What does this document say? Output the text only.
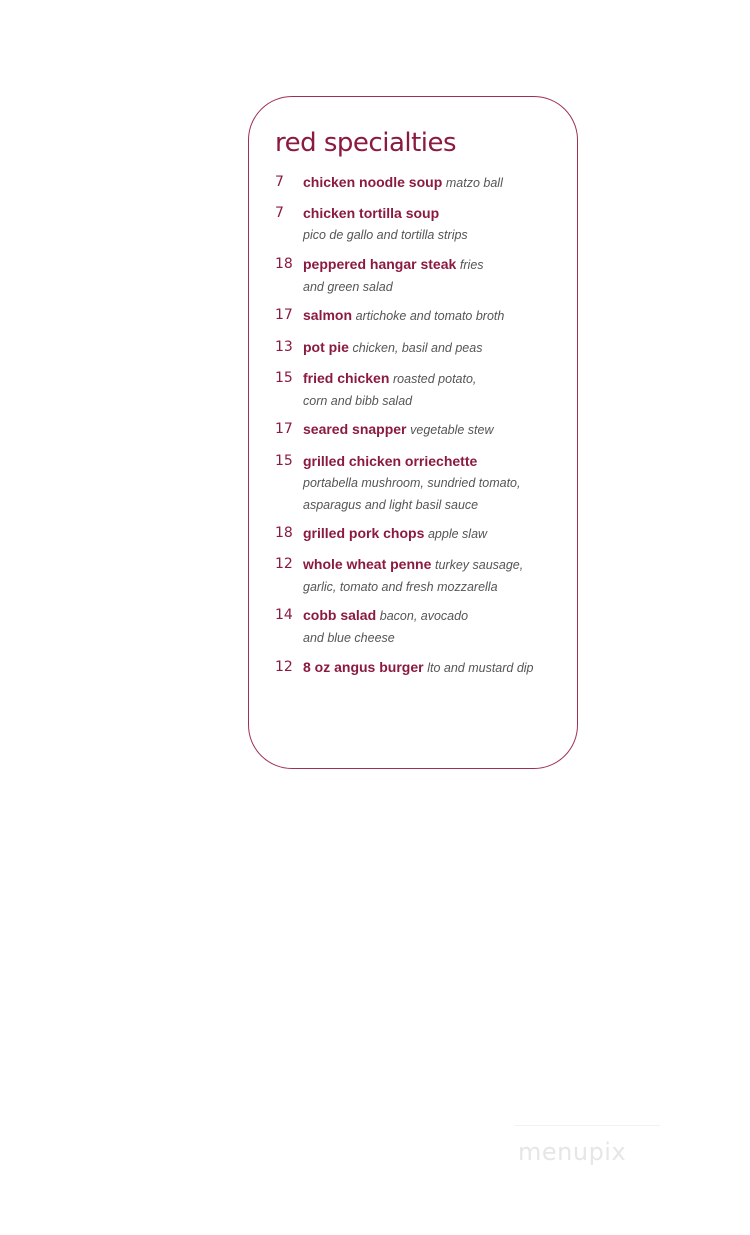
red specialties
7 chicken noodle soup matzo ball
7 chicken tortilla soup
pico de gallo and tortilla strips
18 peppered hangar steak fries
and green salad
17 salmon artichoke and tomato broth
13 pot pie chicken, basil and peas
15 fried chicken roasted potato,
corn and bibb salad
17 seared snapper vegetable stew
15 grilled chicken orriechette
portabella mushroom, sundried tomato,
asparagus and light basil sauce
18 grilled pork chops apple slaw
12 whole wheat penne turkey sausage,
garlic, tomato and fresh mozzarella
14 cobb salad bacon, avocado
and blue cheese
12 8 oz angus burger lto and mustard dip
menupix
